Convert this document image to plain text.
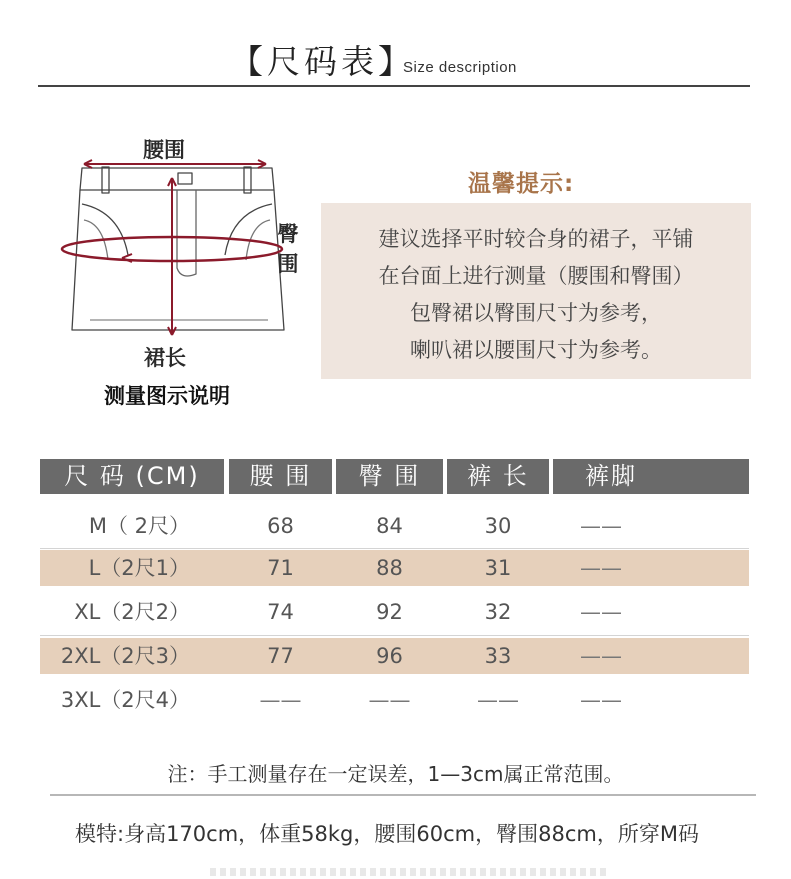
【尺码表】
Size description
腰围
臀围
裙长
测量图示说明
温馨提示:
建议选择平时较合身的裙子，平铺
在台面上进行测量（腰围和臀围）
包臀裙以臀围尺寸为参考，
喇叭裙以腰围尺寸为参考。
尺 码 (CM)	腰 围	臀 围	裤 长	裤脚
M（ 2尺）	68	84	30	——
L（2尺1）	71	88	31	——
XL（2尺2）	74	92	32	——
2XL（2尺3）	77	96	33	——
3XL（2尺4）	——	——	——	——
注：手工测量存在一定误差，1—3cm属正常范围。
模特:身高170cm，体重58kg，腰围60cm，臀围88cm，所穿M码
